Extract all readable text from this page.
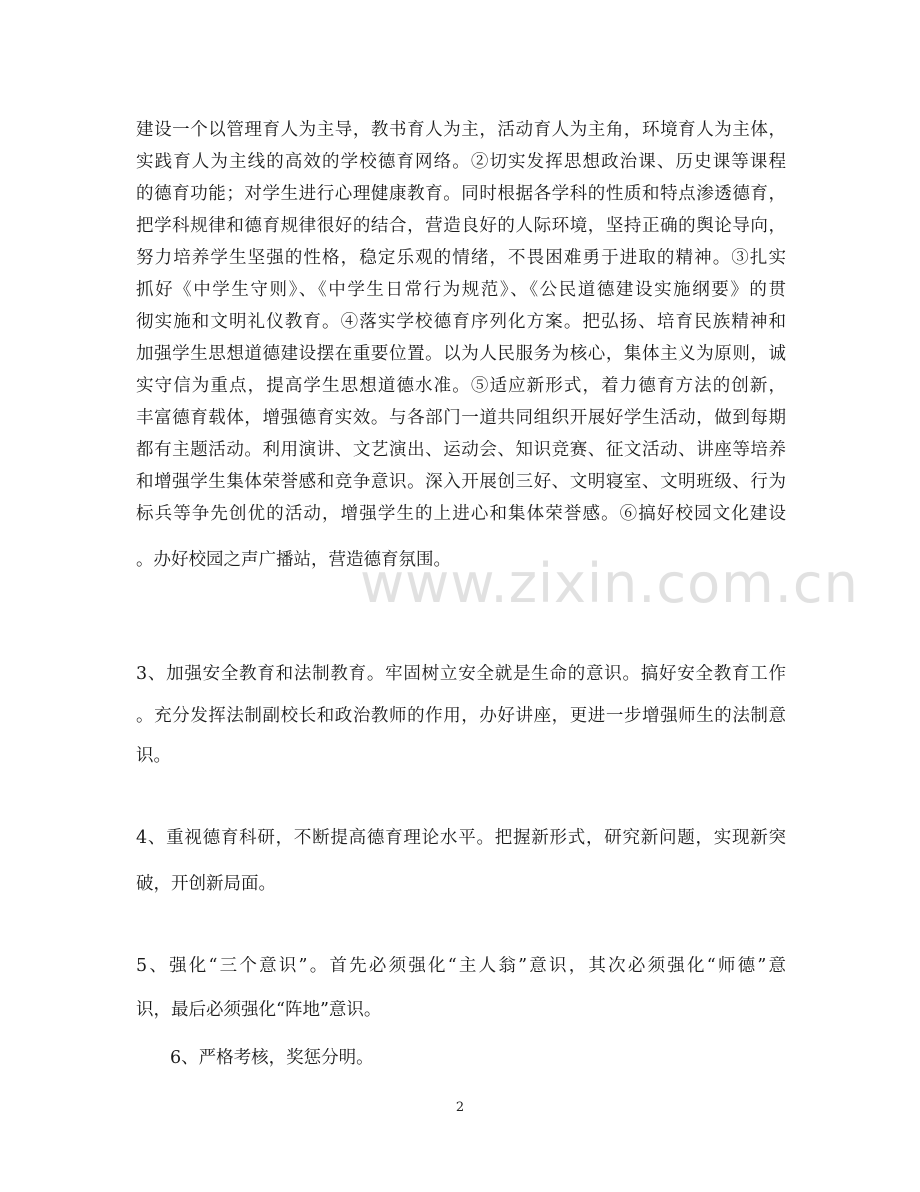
建设一个以管理育人为主导，教书育人为主，活动育人为主角，环境育人为主体，
实践育人为主线的高效的学校德育网络。②切实发挥思想政治课、历史课等课程
的德育功能；对学生进行心理健康教育。同时根据各学科的性质和特点渗透德育，
把学科规律和德育规律很好的结合，营造良好的人际环境，坚持正确的舆论导向，
努力培养学生坚强的性格，稳定乐观的情绪，不畏困难勇于进取的精神。③扎实
抓好《中学生守则》、《中学生日常行为规范》、《公民道德建设实施纲要》的贯
彻实施和文明礼仪教育。④落实学校德育序列化方案。把弘扬、培育民族精神和
加强学生思想道德建设摆在重要位置。以为人民服务为核心，集体主义为原则，诚
实守信为重点，提高学生思想道德水准。⑤适应新形式，着力德育方法的创新，
丰富德育载体，增强德育实效。与各部门一道共同组织开展好学生活动，做到每期
都有主题活动。利用演讲、文艺演出、运动会、知识竞赛、征文活动、讲座等培养
和增强学生集体荣誉感和竞争意识。深入开展创三好、文明寝室、文明班级、行为
标兵等争先创优的活动，增强学生的上进心和集体荣誉感。⑥搞好校园文化建设
。办好校园之声广播站，营造德育氛围。
www.zixin.com.cn
3、加强安全教育和法制教育。牢固树立安全就是生命的意识。搞好安全教育工作
。充分发挥法制副校长和政治教师的作用，办好讲座，更进一步增强师生的法制意
识。
4、重视德育科研，不断提高德育理论水平。把握新形式，研究新问题，实现新突
破，开创新局面。
5、强化“三个意识”。首先必须强化“主人翁”意识，其次必须强化“师德”意
识，最后必须强化“阵地”意识。
6、严格考核，奖惩分明。
2
